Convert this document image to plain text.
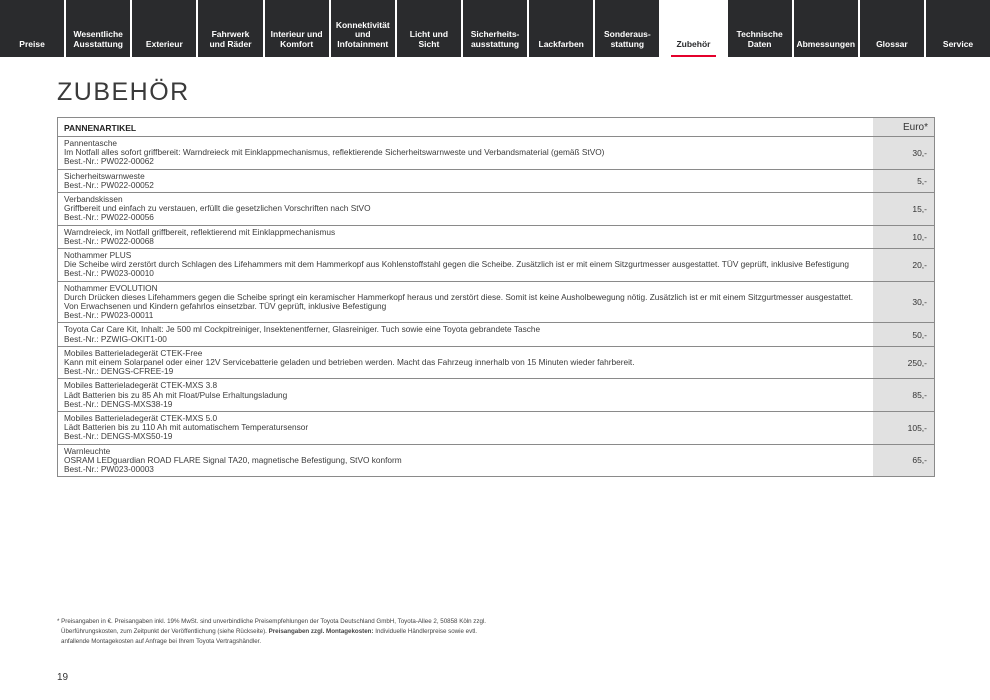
Preise
Wesentliche
Ausstattung	Exterieur
Fahrwerk
und Räder
Interieur und
Komfort
Konnektivität
und
Infotainment
Licht und Sicht
Sicherheits-
ausstattung	Lackfarben
Sonderaus-
stattung	Zubehör
Technische
Daten	Abmessungen	Glossar	Service
ZUBEHÖR
PANNENARTIKEL	Euro*
Pannentasche
Im Notfall alles sofort griffbereit: Warndreieck mit Einklappmechanismus, reflektierende Sicherheitswarnweste und Verbandsmaterial (gemäß StVO)
Best.-Nr.: PW022-00062
30,-
Sicherheitswarnweste
Best.-Nr.: PW022-00052	5,-
Verbandskissen
Griffbereit und einfach zu verstauen, erfüllt die gesetzlichen Vorschriften nach StVO
Best.-Nr.: PW022-00056
15,-
Warndreieck, im Notfall griffbereit, reflektierend mit Einklappmechanismus
Best.-Nr.: PW022-00068	10,-
Nothammer PLUS
Die Scheibe wird zerstört durch Schlagen des Lifehammers mit dem Hammerkopf aus Kohlenstoffstahl gegen die Scheibe. Zusätzlich ist er mit einem Sitzgurtmesser ausgestattet. TÜV geprüft, inklusive Befestigung
Best.-Nr.: PW023-00010
20,-
Nothammer EVOLUTION
Durch Drücken dieses Lifehammers gegen die Scheibe springt ein keramischer Hammerkopf heraus und zerstört diese. Somit ist keine Ausholbewegung nötig. Zusätzlich ist er mit einem Sitzgurtmesser ausgestattet. Von Erwachsenen und Kindern gefahrlos einsetzbar. TÜV geprüft, inklusive Befestigung
Best.-Nr.: PW023-00011
30,-
Toyota Car Care Kit, Inhalt: Je 500 ml Cockpitreiniger, Insektenentferner, Glasreiniger. Tuch sowie eine Toyota gebrandete Tasche
Best.-Nr.: PZWIG-OKIT1-00	50,-
Mobiles Batterieladegerät CTEK-Free
Kann mit einem Solarpanel oder einer 12V Servicebatterie geladen und betrieben werden. Macht das Fahrzeug innerhalb von 15 Minuten wieder fahrbereit.
Best.-Nr.: DENGS-CFREE-19
250,-
Mobiles Batterieladegerät CTEK-MXS 3.8
Lädt Batterien bis zu 85 Ah mit Float/Pulse Erhaltungsladung
Best.-Nr.: DENGS-MXS38-19
85,-
Mobiles Batterieladegerät CTEK-MXS 5.0
Lädt Batterien bis zu 110 Ah mit automatischem Temperatursensor
Best.-Nr.: DENGS-MXS50-19
105,-
Warnleuchte
OSRAM LEDguardian ROAD FLARE Signal TA20, magnetische Befestigung, StVO konform
Best.-Nr.: PW023-00003
65,-
* Preisangaben in €. Preisangaben inkl. 19% MwSt. sind unverbindliche Preisempfehlungen der Toyota Deutschland GmbH, Toyota-Allee 2, 50858 Köln zzgl.
Überführungskosten, zum Zeitpunkt der Veröffentlichung (siehe Rückseite). Preisangaben zzgl. Montagekosten: Individuelle Händlerpreise sowie evtl.
anfallende Montagekosten auf Anfrage bei Ihrem Toyota Vertragshändler.
19
